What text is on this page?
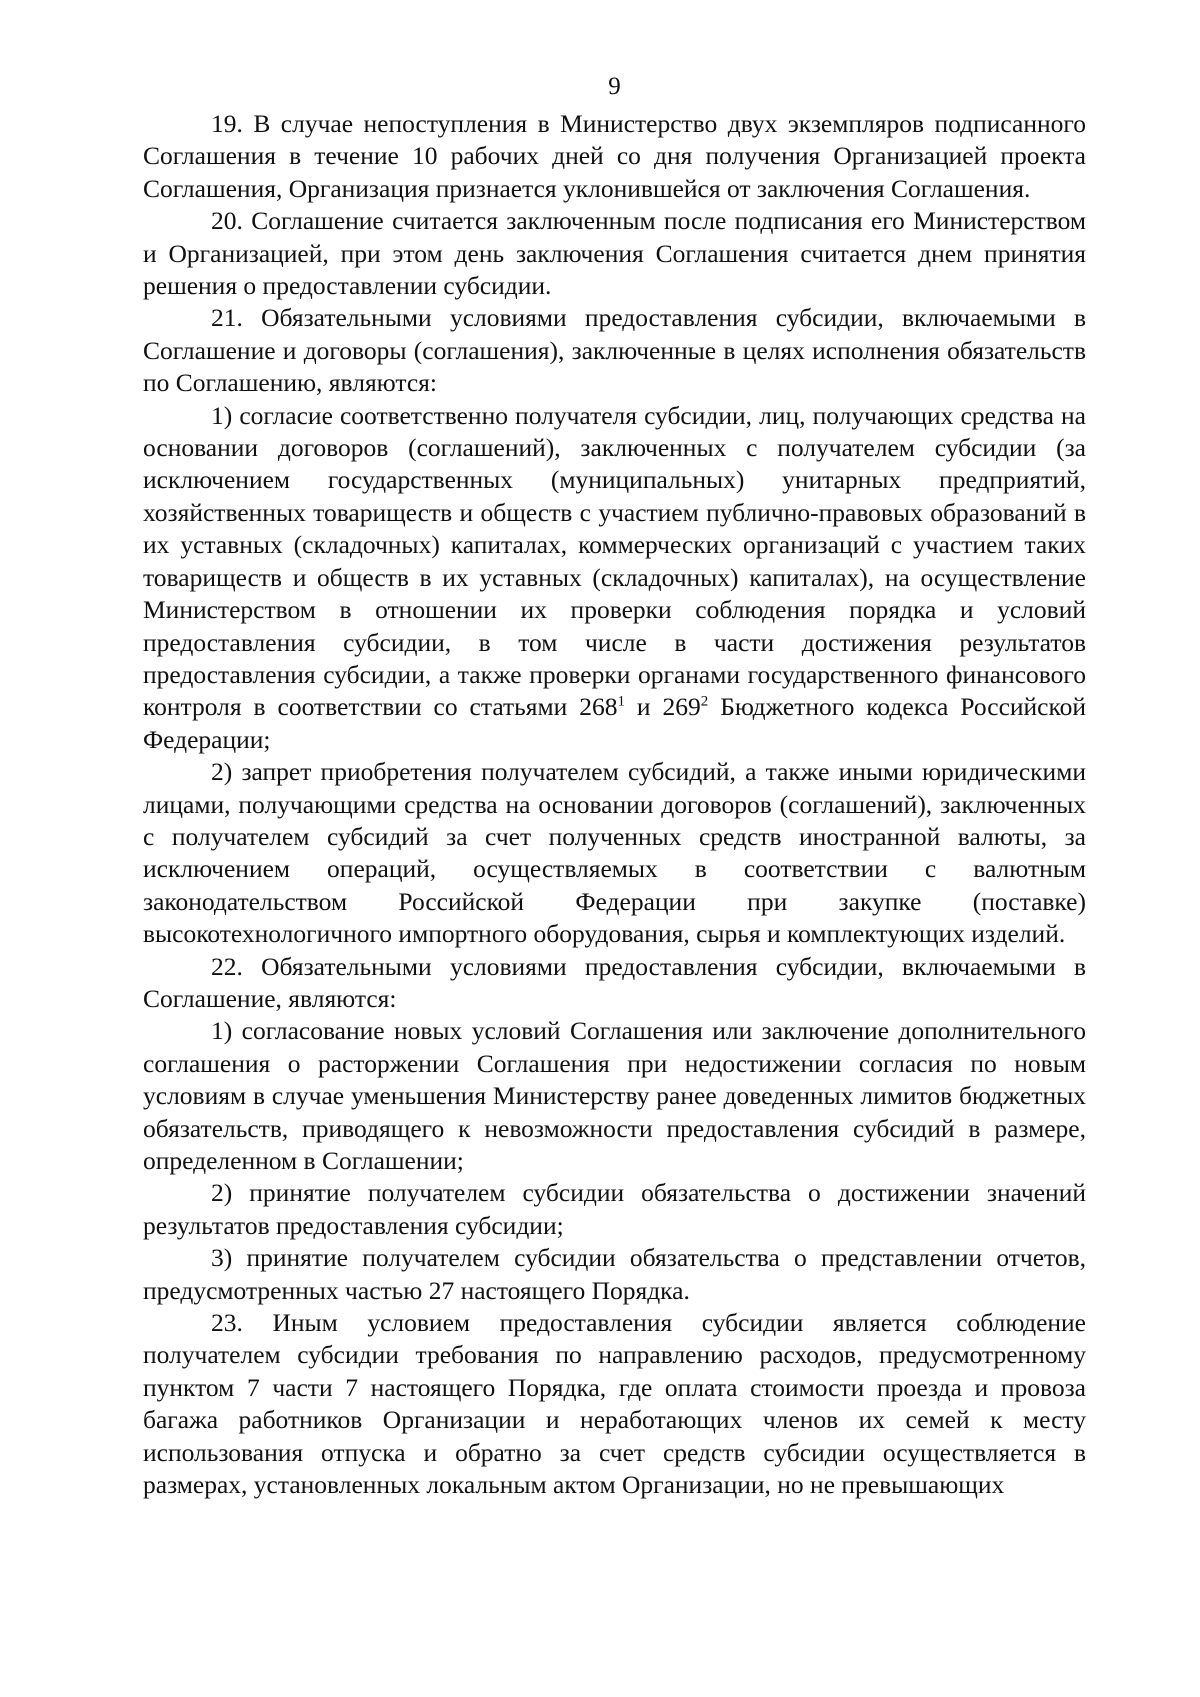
9

19. В случае непоступления в Министерство двух экземпляров подписанного Соглашения в течение 10 рабочих дней со дня получения Организацией проекта Соглашения, Организация признается уклонившейся от заключения Соглашения.

20. Соглашение считается заключенным после подписания его Министерством и Организацией, при этом день заключения Соглашения считается днем принятия решения о предоставлении субсидии.

21. Обязательными условиями предоставления субсидии, включаемыми в Соглашение и договоры (соглашения), заключенные в целях исполнения обязательств по Соглашению, являются:

1) согласие соответственно получателя субсидии, лиц, получающих средства на основании договоров (соглашений), заключенных с получателем субсидии (за исключением государственных (муниципальных) унитарных предприятий, хозяйственных товариществ и обществ с участием публично-правовых образований в их уставных (складочных) капиталах, коммерческих организаций с участием таких товариществ и обществ в их уставных (складочных) капиталах), на осуществление Министерством в отношении их проверки соблюдения порядка и условий предоставления субсидии, в том числе в части достижения результатов предоставления субсидии, а также проверки органами государственного финансового контроля в соответствии со статьями $268^1$ и $269^2$ Бюджетного кодекса Российской Федерации;

2) запрет приобретения получателем субсидий, а также иными юридическими лицами, получающими средства на основании договоров (соглашений), заключенных с получателем субсидий за счет полученных средств иностранной валюты, за исключением операций, осуществляемых в соответствии с валютным законодательством Российской Федерации при закупке (поставке) высокотехнологичного импортного оборудования, сырья и комплектующих изделий.

22. Обязательными условиями предоставления субсидии, включаемыми в Соглашение, являются:

1) согласование новых условий Соглашения или заключение дополнительного соглашения о расторжении Соглашения при недостижении согласия по новым условиям в случае уменьшения Министерству ранее доведенных лимитов бюджетных обязательств, приводящего к невозможности предоставления субсидий в размере, определенном в Соглашении;

2) принятие получателем субсидии обязательства о достижении значений результатов предоставления субсидии;

3) принятие получателем субсидии обязательства о представлении отчетов, предусмотренных частью 27 настоящего Порядка.

23. Иным условием предоставления субсидии является соблюдение получателем субсидии требования по направлению расходов, предусмотренному пунктом 7 части 7 настоящего Порядка, где оплата стоимости проезда и провоза багажа работников Организации и неработающих членов их семей к месту использования отпуска и обратно за счет средств субсидии осуществляется в размерах, установленных локальным актом Организации, но не превышающих
